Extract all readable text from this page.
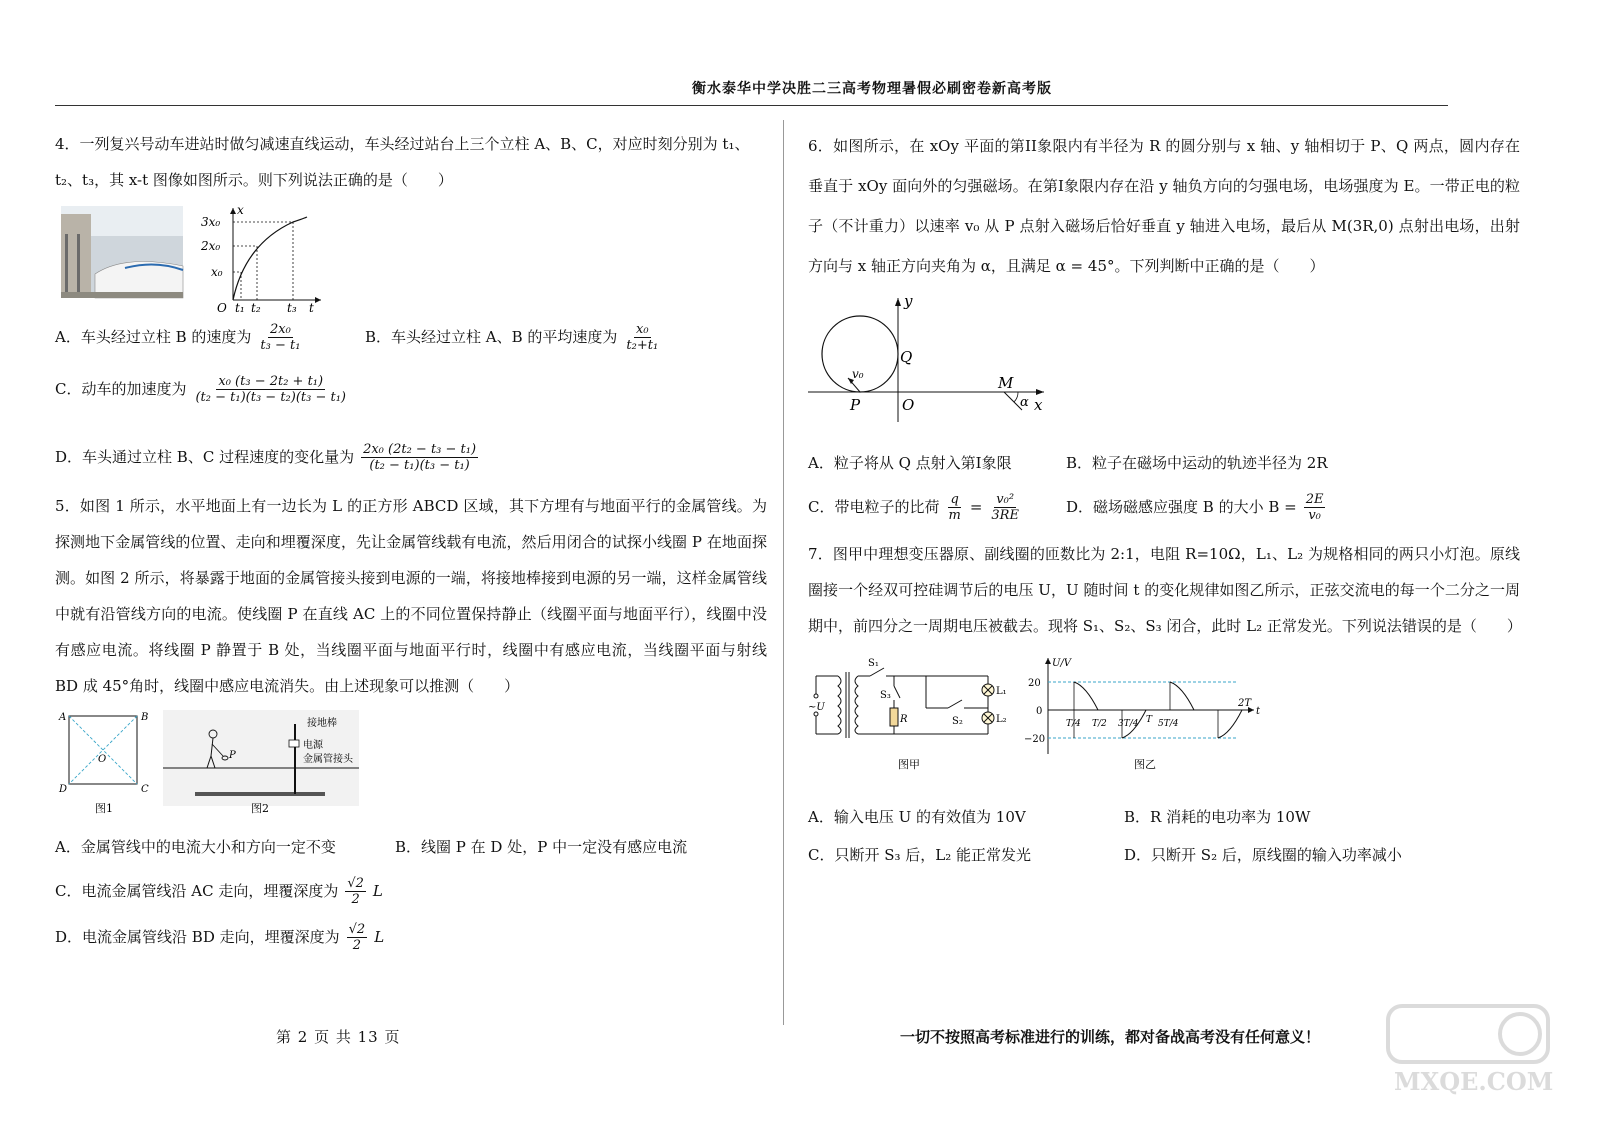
衡水泰华中学决胜二三高考物理暑假必刷密卷新高考版
4．一列复兴号动车进站时做匀减速直线运动，车头经过站台上三个立柱 A、B、C，对应时刻分别为 t₁、
t₂、t₃，其 x-t 图像如图所示。则下列说法正确的是（　　）
3x₀
2x₀
x₀
x
O t₁ t₂ t₃ t
A．车头经过立柱 B 的速度为 $\frac{\text{2x₀}}{\text{t₃ − t₁}}$	B．车头经过立柱 A、B 的平均速度为 $\frac{\text{x₀}}{\text{t₂+t₁}}$
C．动车的加速度为 $\frac{\text{x₀ (t₃ − 2t₂ + t₁)}}{\text{(t₂ − t₁)(t₃ − t₂)(t₃ − t₁)}}$
D．车头通过立柱 B、C 过程速度的变化量为 $\frac{\text{2x₀ (2t₂ − t₃ − t₁)}}{\text{(t₂ − t₁)(t₃ − t₁)}}$
5．如图 1 所示，水平地面上有一边长为 L 的正方形 ABCD 区域，其下方埋有与地面平行的金属管线。为探测地下金属管线的位置、走向和埋覆深度，先让金属管线载有电流，然后用闭合的试探小线圈 P 在地面探测。如图 2 所示，将暴露于地面的金属管接头接到电源的一端，将接地棒接到电源的另一端，这样金属管线中就有沿管线方向的电流。使线圈 P 在直线 AC 上的不同位置保持静止（线圈平面与地面平行），线圈中没有感应电流。将线圈 P 静置于 B 处，当线圈平面与地面平行时，线圈中有感应电流，当线圈平面与射线 BD 成 45°角时，线圈中感应电流消失。由上述现象可以推测（　　）
A	B
C
D
O
图1
P
接地棒
电源
金属管接头
图2
A．金属管线中的电流大小和方向一定不变	B．线圈 P 在 D 处，P 中一定没有感应电流
C．电流金属管线沿 AC 走向，埋覆深度为 $\frac{√2}{2}$ L
D．电流金属管线沿 BD 走向，埋覆深度为 $\frac{√2}{2}$ L
6．如图所示，在 xOy 平面的第II象限内有半径为 R 的圆分别与 x 轴、y 轴相切于 P、Q 两点，圆内存在垂直于 xOy 面向外的匀强磁场。在第I象限内存在沿 y 轴负方向的匀强电场，电场强度为 E。一带正电的粒子（不计重力）以速率 v₀ 从 P 点射入磁场后恰好垂直 y 轴进入电场，最后从 M(3R,0) 点射出电场，出射方向与 x 轴正方向夹角为 α，且满足 α = 45°。下列判断中正确的是（　　）
y
x
Q
P	O
M
v₀
α
A．粒子将从 Q 点射入第I象限	B．粒子在磁场中运动的轨迹半径为 2R
C．带电粒子的比荷 $\frac{q}{m} = \frac{\text{v₀²}}{3RE}$	D．磁场磁感应强度 B 的大小 $B = \frac{2E}{\text{v₀}}$
7．图甲中理想变压器原、副线圈的匝数比为 2:1，电阻 R=10Ω，L₁、L₂ 为规格相同的两只小灯泡。原线圈接一个经双可控硅调节后的电压 U，U 随时间 t 的变化规律如图乙所示，正弦交流电的每一个二分之一周期中，前四分之一周期电压被截去。现将 S₁、S₂、S₃ 闭合，此时 L₂ 正常发光。下列说法错误的是（　　）
S₁
S₃
S₂
R
L₁
L₂
~U
图甲
U/V
20
0
−20
T/4 T/2 3T/4 T 5T/4
2T
t
图乙
A．输入电压 U 的有效值为 10V	B．R 消耗的电功率为 10W
C．只断开 S₃ 后，L₂ 能正常发光	D．只断开 S₂ 后，原线圈的输入功率减小
第 2 页 共 13 页	一切不按照高考标准进行的训练，都对备战高考没有任何意义！
MXQE.COM
